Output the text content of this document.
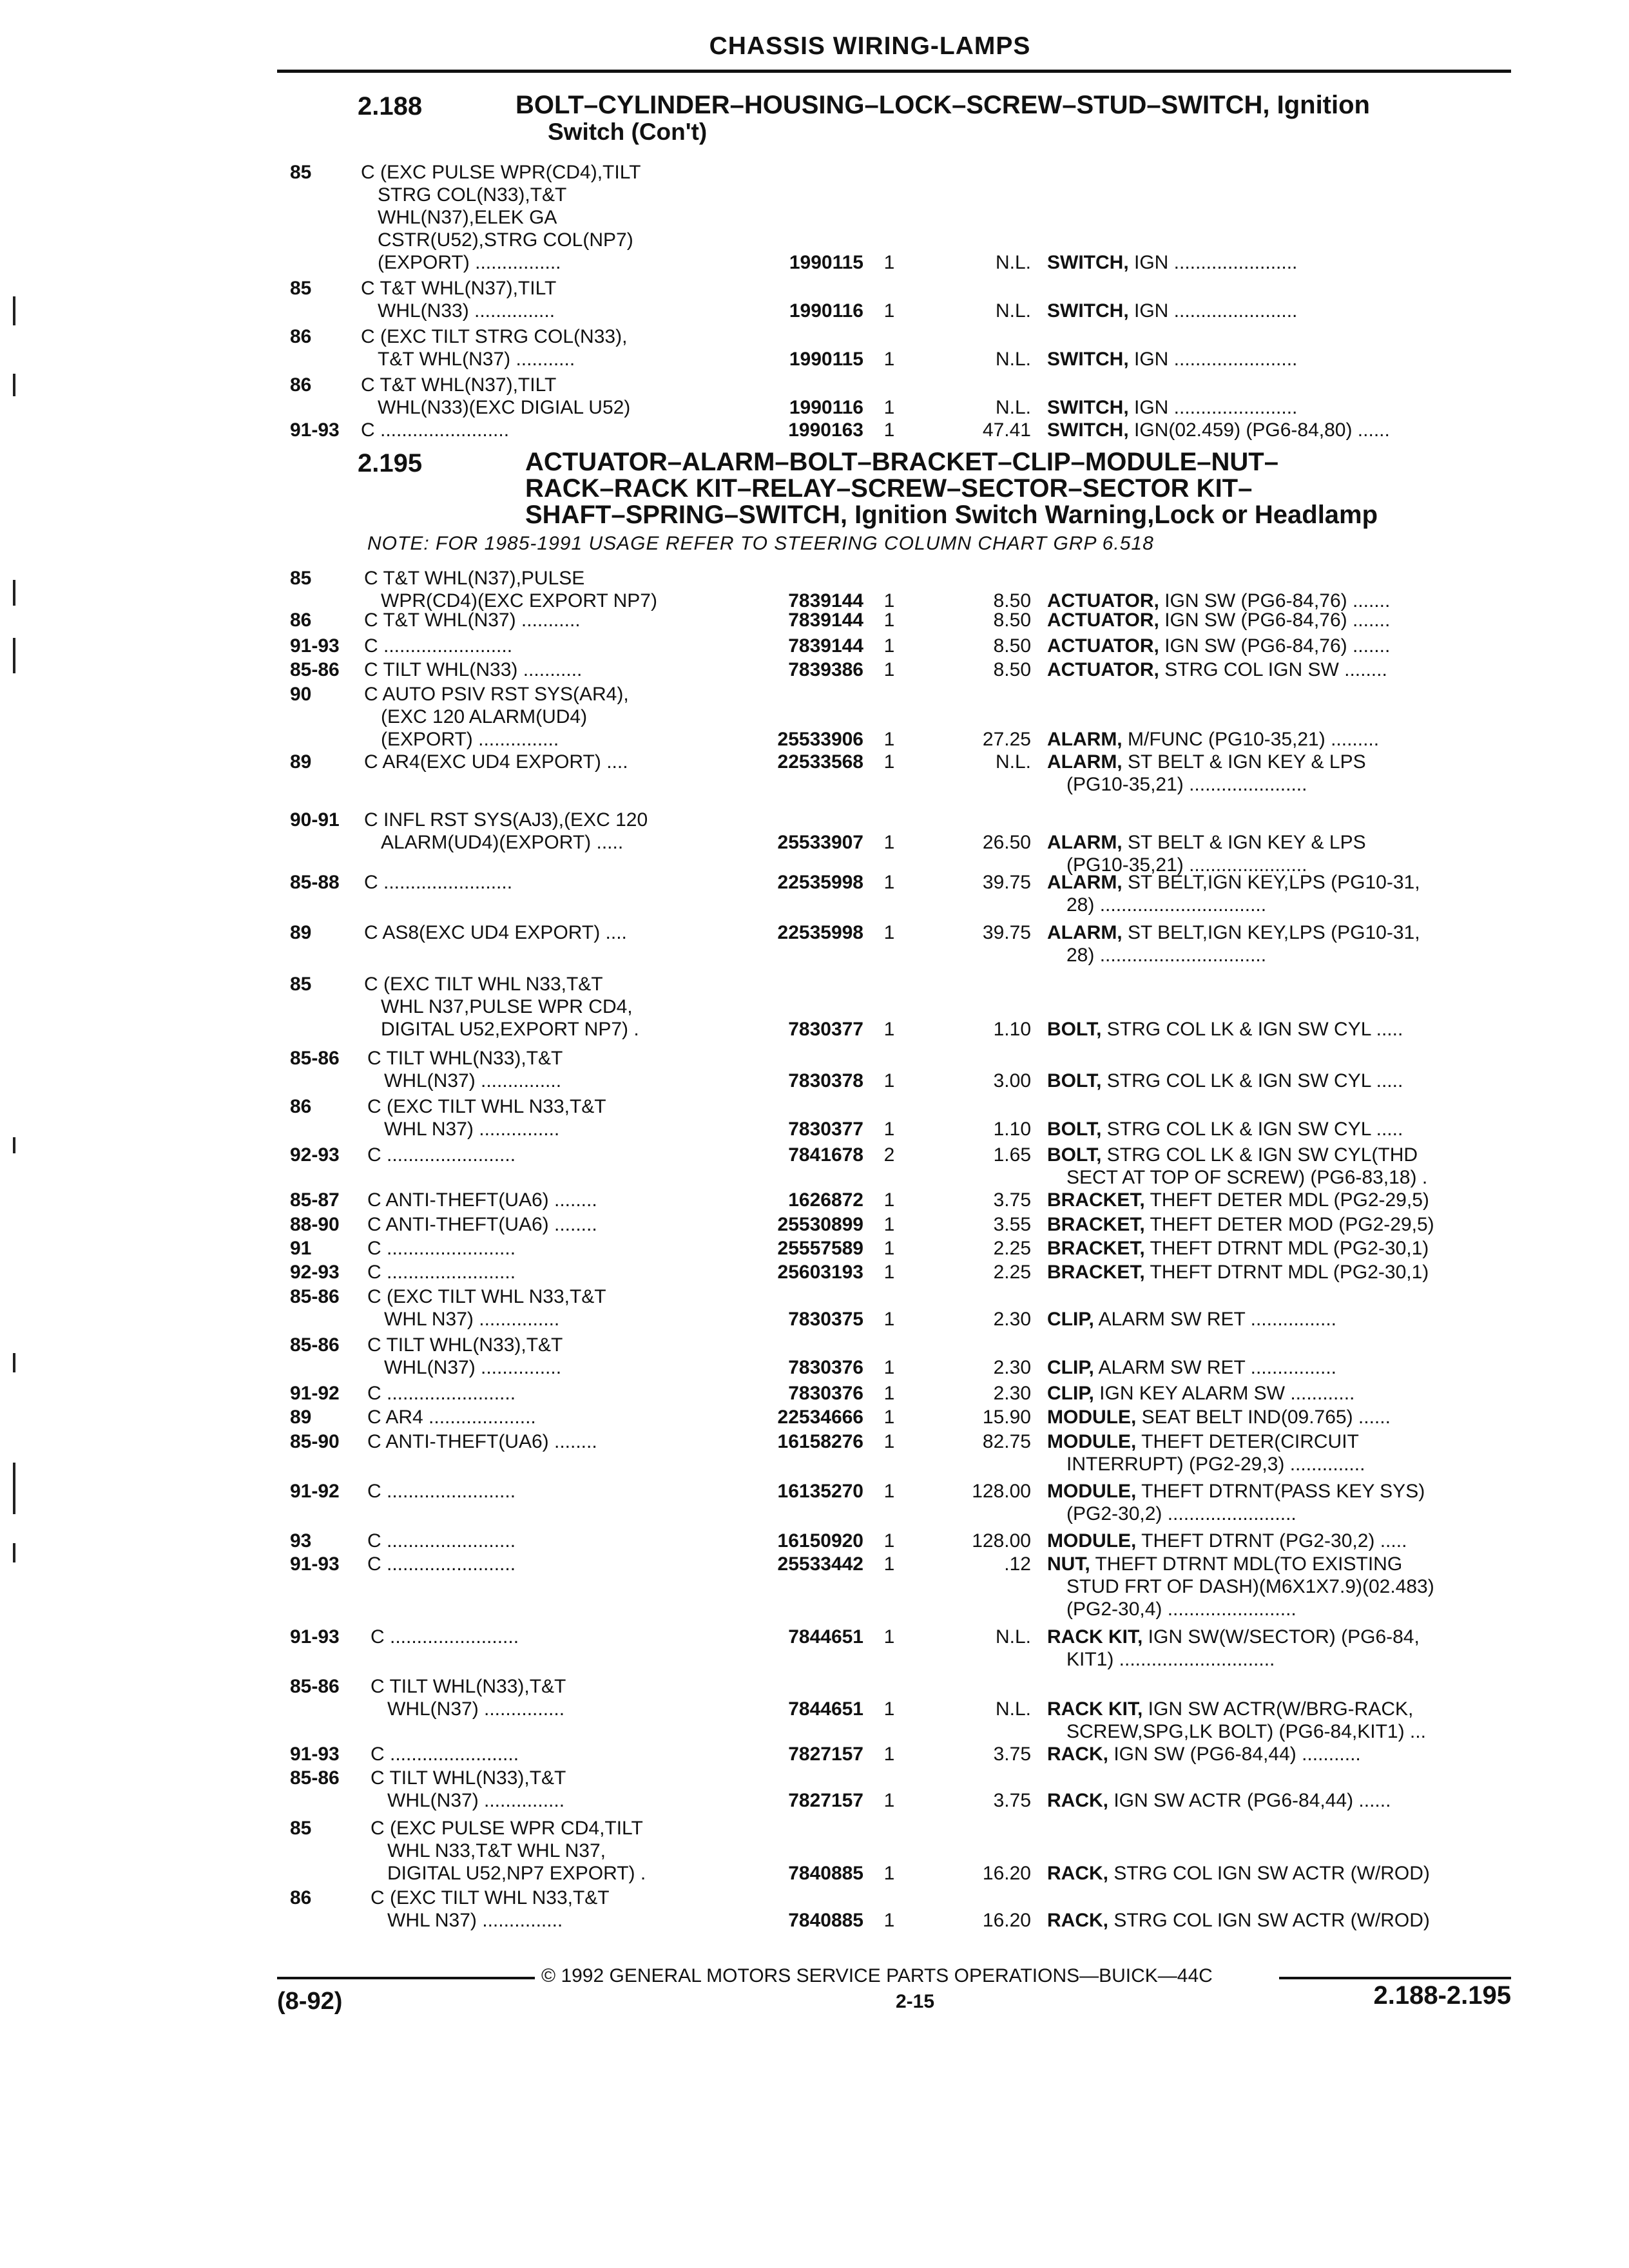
CHASSIS WIRING-LAMPS
2.188	BOLT–CYLINDER–HOUSING–LOCK–SCREW–STUD–SWITCH, Ignition
Switch (Con't)
2.195	ACTUATOR–ALARM–BOLT–BRACKET–CLIP–MODULE–NUT–
RACK–RACK KIT–RELAY–SCREW–SECTOR–SECTOR KIT–
SHAFT–SPRING–SWITCH, Ignition Switch Warning,Lock or Headlamp
NOTE: FOR 1985-1991 USAGE REFER TO STEERING COLUMN CHART GRP 6.518
© 1992 GENERAL MOTORS SERVICE PARTS OPERATIONS—BUICK—44C
(8-92)	2-15	2.188-2.195
85	C (EXC PULSE WPR(CD4),TILT
STRG COL(N33),T&T
WHL(N37),ELEK GA
CSTR(U52),STRG COL(NP7)
(EXPORT) ................	1990115	1	N.L. SWITCH, IGN .......................
85	C T&T WHL(N37),TILT
WHL(N33) ...............	1990116	1	N.L. SWITCH, IGN .......................
86	C (EXC TILT STRG COL(N33),
T&T WHL(N37) ...........	1990115	1	N.L. SWITCH, IGN .......................
86	C T&T WHL(N37),TILT
WHL(N33)(EXC DIGIAL U52)	1990116	1	N.L. SWITCH, IGN .......................
91-93	C ........................	1990163	1	47.41 SWITCH, IGN(02.459) (PG6-84,80) ......
85	C T&T WHL(N37),PULSE
WPR(CD4)(EXC EXPORT NP7)	7839144	1	8.50 ACTUATOR, IGN SW (PG6-84,76) .......
86	C T&T WHL(N37) ...........	7839144	1	8.50 ACTUATOR, IGN SW (PG6-84,76) .......
91-93	C ........................	7839144	1	8.50 ACTUATOR, IGN SW (PG6-84,76) .......
85-86	C TILT WHL(N33) ...........	7839386	1	8.50 ACTUATOR, STRG COL IGN SW ........
90	C AUTO PSIV RST SYS(AR4),
(EXC 120 ALARM(UD4)
(EXPORT) ...............	25533906	1	27.25 ALARM, M/FUNC (PG10-35,21) .........
89	C AR4(EXC UD4 EXPORT) ....	22533568	1	N.L. ALARM, ST BELT & IGN KEY & LPS
(PG10-35,21) ......................
90-91	C INFL RST SYS(AJ3),(EXC 120
ALARM(UD4)(EXPORT) .....	25533907	1	26.50 ALARM, ST BELT & IGN KEY & LPS
(PG10-35,21) ......................
85-88	C ........................	22535998	1	39.75 ALARM, ST BELT,IGN KEY,LPS (PG10-31,
28) ...............................
89	C AS8(EXC UD4 EXPORT) ....	22535998	1	39.75 ALARM, ST BELT,IGN KEY,LPS (PG10-31,
28) ...............................
85	C (EXC TILT WHL N33,T&T
WHL N37,PULSE WPR CD4,
DIGITAL U52,EXPORT NP7) .	7830377	1	1.10 BOLT, STRG COL LK & IGN SW CYL .....
85-86	C TILT WHL(N33),T&T
WHL(N37) ...............	7830378	1	3.00 BOLT, STRG COL LK & IGN SW CYL .....
86	C (EXC TILT WHL N33,T&T
WHL N37) ...............	7830377	1	1.10 BOLT, STRG COL LK & IGN SW CYL .....
92-93	C ........................	7841678	2	1.65 BOLT, STRG COL LK & IGN SW CYL(THD
SECT AT TOP OF SCREW) (PG6-83,18) .
85-87	C ANTI-THEFT(UA6) ........	1626872	1	3.75 BRACKET, THEFT DETER MDL (PG2-29,5)
88-90	C ANTI-THEFT(UA6) ........	25530899	1	3.55 BRACKET, THEFT DETER MOD (PG2-29,5)
91	C ........................	25557589	1	2.25 BRACKET, THEFT DTRNT MDL (PG2-30,1)
92-93	C ........................	25603193	1	2.25 BRACKET, THEFT DTRNT MDL (PG2-30,1)
85-86	C (EXC TILT WHL N33,T&T
WHL N37) ...............	7830375	1	2.30 CLIP, ALARM SW RET ................
85-86	C TILT WHL(N33),T&T
WHL(N37) ...............	7830376	1	2.30 CLIP, ALARM SW RET ................
91-92	C ........................	7830376	1	2.30 CLIP, IGN KEY ALARM SW ............
89	C AR4 ....................	22534666	1	15.90 MODULE, SEAT BELT IND(09.765) ......
85-90	C ANTI-THEFT(UA6) ........	16158276	1	82.75 MODULE, THEFT DETER(CIRCUIT
INTERRUPT) (PG2-29,3) ..............
91-92	C ........................	16135270	1	128.00 MODULE, THEFT DTRNT(PASS KEY SYS)
(PG2-30,2) ........................
93	C ........................	16150920	1	128.00 MODULE, THEFT DTRNT (PG2-30,2) .....
91-93	C ........................	25533442	1	.12 NUT, THEFT DTRNT MDL(TO EXISTING
STUD FRT OF DASH)(M6X1X7.9)(02.483)
(PG2-30,4) ........................
91-93	C ........................	7844651	1	N.L. RACK KIT, IGN SW(W/SECTOR) (PG6-84,
KIT1) .............................
85-86	C TILT WHL(N33),T&T
WHL(N37) ...............	7844651	1	N.L. RACK KIT, IGN SW ACTR(W/BRG-RACK,
SCREW,SPG,LK BOLT) (PG6-84,KIT1) ...
91-93	C ........................	7827157	1	3.75 RACK, IGN SW (PG6-84,44) ...........
85-86	C TILT WHL(N33),T&T
WHL(N37) ...............	7827157	1	3.75 RACK, IGN SW ACTR (PG6-84,44) ......
85	C (EXC PULSE WPR CD4,TILT
WHL N33,T&T WHL N37,
DIGITAL U52,NP7 EXPORT) .	7840885	1	16.20 RACK, STRG COL IGN SW ACTR (W/ROD)
86	C (EXC TILT WHL N33,T&T
WHL N37) ...............	7840885	1	16.20 RACK, STRG COL IGN SW ACTR (W/ROD)
